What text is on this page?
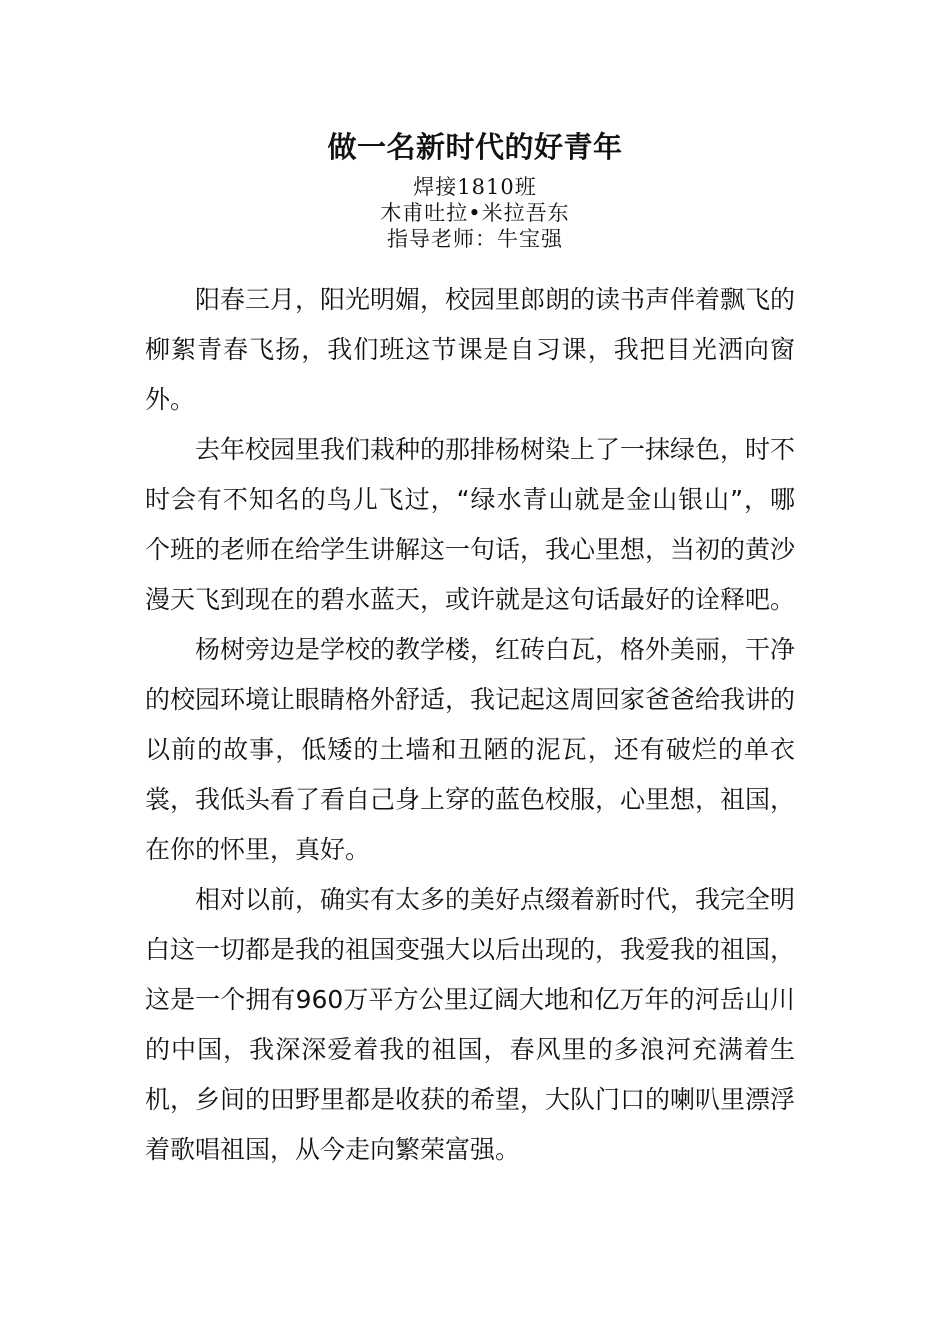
做一名新时代的好青年
焊接1810班
木甫吐拉•米拉吾东
指导老师：牛宝强

阳春三月，阳光明媚，校园里郎朗的读书声伴着飘飞的柳絮青春飞扬，我们班这节课是自习课，我把目光洒向窗外。

去年校园里我们栽种的那排杨树染上了一抹绿色，时不时会有不知名的鸟儿飞过，“绿水青山就是金山银山”，哪个班的老师在给学生讲解这一句话，我心里想，当初的黄沙漫天飞到现在的碧水蓝天，或许就是这句话最好的诠释吧。

杨树旁边是学校的教学楼，红砖白瓦，格外美丽，干净的校园环境让眼睛格外舒适，我记起这周回家爸爸给我讲的以前的故事，低矮的土墙和丑陋的泥瓦，还有破烂的单衣裳，我低头看了看自己身上穿的蓝色校服，心里想，祖国，在你的怀里，真好。

相对以前，确实有太多的美好点缀着新时代，我完全明白这一切都是我的祖国变强大以后出现的，我爱我的祖国，这是一个拥有960万平方公里辽阔大地和亿万年的河岳山川的中国，我深深爱着我的祖国，春风里的多浪河充满着生机，乡间的田野里都是收获的希望，大队门口的喇叭里漂浮着歌唱祖国，从今走向繁荣富强。
